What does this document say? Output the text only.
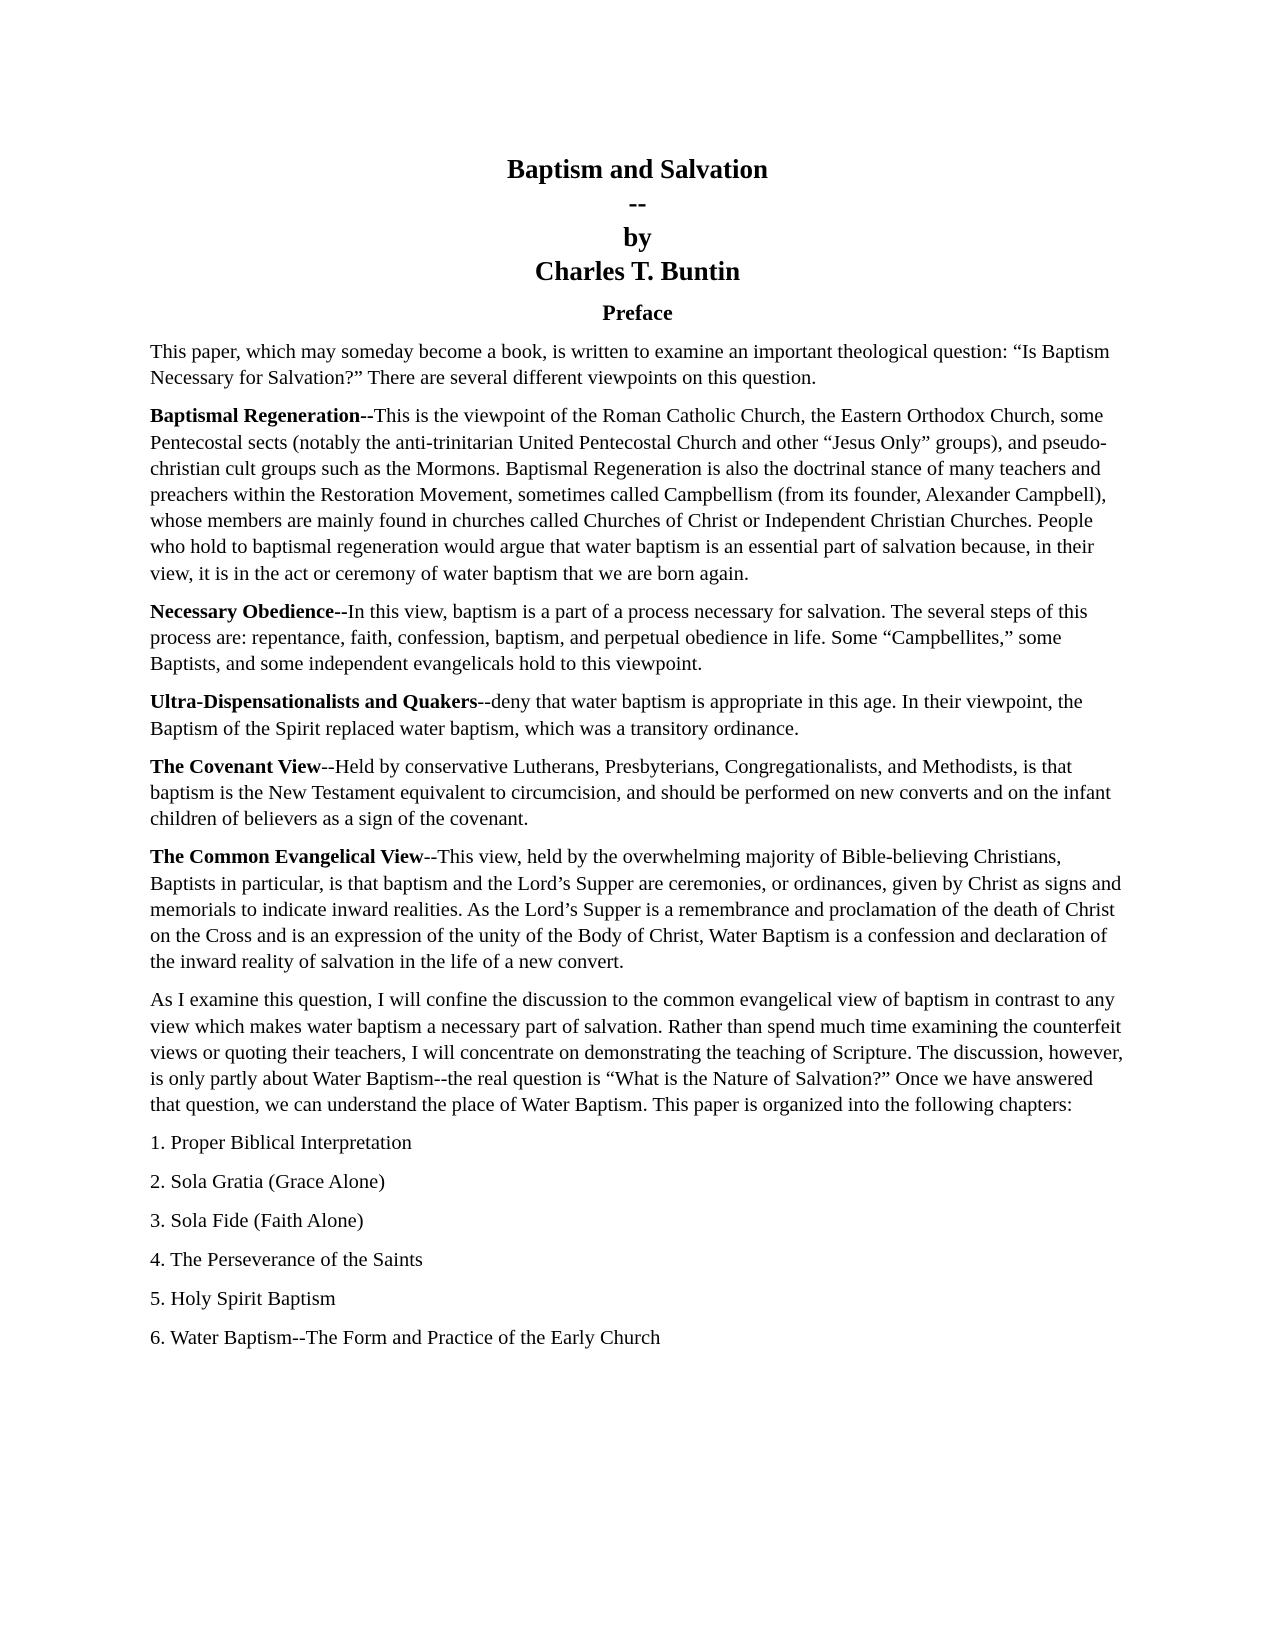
Baptism and Salvation
--
by
Charles T. Buntin
Preface

This paper, which may someday become a book, is written to examine an important theological question: “Is Baptism Necessary for Salvation?” There are several different viewpoints on this question.

Baptismal Regeneration--This is the viewpoint of the Roman Catholic Church, the Eastern Orthodox Church, some Pentecostal sects (notably the anti-trinitarian United Pentecostal Church and other “Jesus Only” groups), and pseudo-christian cult groups such as the Mormons. Baptismal Regeneration is also the doctrinal stance of many teachers and preachers within the Restoration Movement, sometimes called Campbellism (from its founder, Alexander Campbell), whose members are mainly found in churches called Churches of Christ or Independent Christian Churches. People who hold to baptismal regeneration would argue that water baptism is an essential part of salvation because, in their view, it is in the act or ceremony of water baptism that we are born again.

Necessary Obedience--In this view, baptism is a part of a process necessary for salvation. The several steps of this process are: repentance, faith, confession, baptism, and perpetual obedience in life. Some “Campbellites,” some Baptists, and some independent evangelicals hold to this viewpoint.

Ultra-Dispensationalists and Quakers--deny that water baptism is appropriate in this age. In their viewpoint, the Baptism of the Spirit replaced water baptism, which was a transitory ordinance.

The Covenant View--Held by conservative Lutherans, Presbyterians, Congregationalists, and Methodists, is that baptism is the New Testament equivalent to circumcision, and should be performed on new converts and on the infant children of believers as a sign of the covenant.

The Common Evangelical View--This view, held by the overwhelming majority of Bible-believing Christians, Baptists in particular, is that baptism and the Lord’s Supper are ceremonies, or ordinances, given by Christ as signs and memorials to indicate inward realities. As the Lord’s Supper is a remembrance and proclamation of the death of Christ on the Cross and is an expression of the unity of the Body of Christ, Water Baptism is a confession and declaration of the inward reality of salvation in the life of a new convert.

As I examine this question, I will confine the discussion to the common evangelical view of baptism in contrast to any view which makes water baptism a necessary part of salvation. Rather than spend much time examining the counterfeit views or quoting their teachers, I will concentrate on demonstrating the teaching of Scripture. The discussion, however, is only partly about Water Baptism--the real question is “What is the Nature of Salvation?” Once we have answered that question, we can understand the place of Water Baptism. This paper is organized into the following chapters:

1. Proper Biblical Interpretation
2. Sola Gratia (Grace Alone)
3. Sola Fide (Faith Alone)
4. The Perseverance of the Saints
5. Holy Spirit Baptism
6. Water Baptism--The Form and Practice of the Early Church
